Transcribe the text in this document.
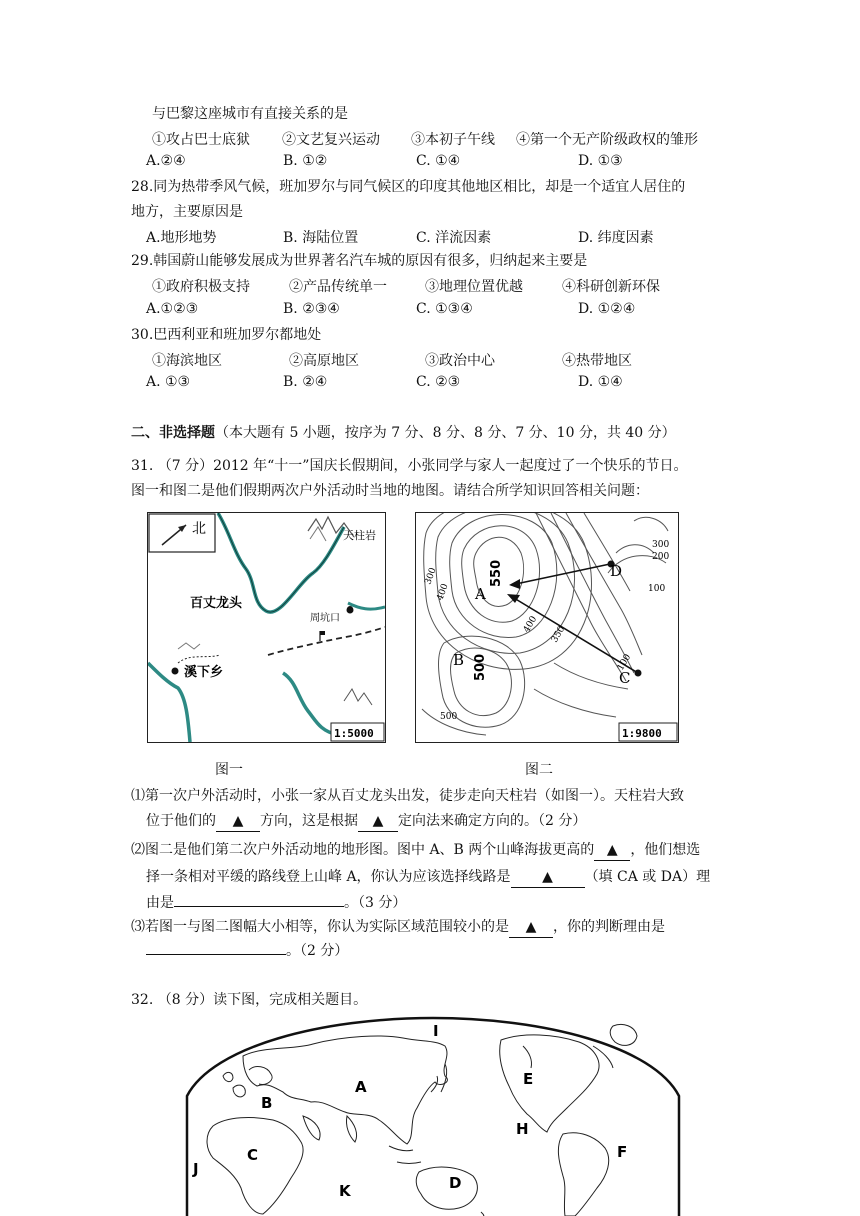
与巴黎这座城市有直接关系的是
①攻占巴士底狱 ②文艺复兴运动 ③本初子午线 ④第一个无产阶级政权的雏形
A.②④	B. ①②	C. ①④	D. ①③
28.同为热带季风气候，班加罗尔与同气候区的印度其他地区相比，却是一个适宜人居住的
地方，主要原因是
A.地形地势	B. 海陆位置	C. 洋流因素	D. 纬度因素
29.韩国蔚山能够发展成为世界著名汽车城的原因有很多，归纳起来主要是
①政府积极支持	②产品传统单一	③地理位置优越	④科研创新环保
A.①②③	B. ②③④	C. ①③④	D. ①②④
30.巴西利亚和班加罗尔都地处
①海滨地区	②高原地区	③政治中心	④热带地区
A. ①③	B. ②④	C. ②③	D. ①④
二、非选择题（本大题有 5 小题，按序为 7 分、8 分、8 分、7 分、10 分，共 40 分）
31. （7 分）2012 年“十一”国庆长假期间，小张同学与家人一起度过了一个快乐的节日。
图一和图二是他们假期两次户外活动时当地的地图。请结合所学知识回答相关问题：
北	天柱岩
百丈龙头
周坑口
溪下乡
1:5000
A
B
C
D
550
500
300
200
100
400
300
350
400
100
500
1:9800
图一	图二
⑴第一次户外活动时，小张一家从百丈龙头出发，徒步走向天柱岩（如图一）。天柱岩大致
位于他们的 ▲ 方向，这是根据 ▲ 定向法来确定方向的。（2 分）
⑵图二是他们第二次户外活动地的地形图。图中 A、B 两个山峰海拔更高的 ▲ ，他们想选
择一条相对平缓的路线登上山峰 A，你认为应该选择线路是 ▲ （填 CA 或 DA）理
由是	。（3 分）
⑶若图一与图二图幅大小相等，你认为实际区域范围较小的是 ▲ ，你的判断理由是
。（2 分）
32. （8 分）读下图，完成相关题目。
I
A
B
E
H
C	F
J
D
K
